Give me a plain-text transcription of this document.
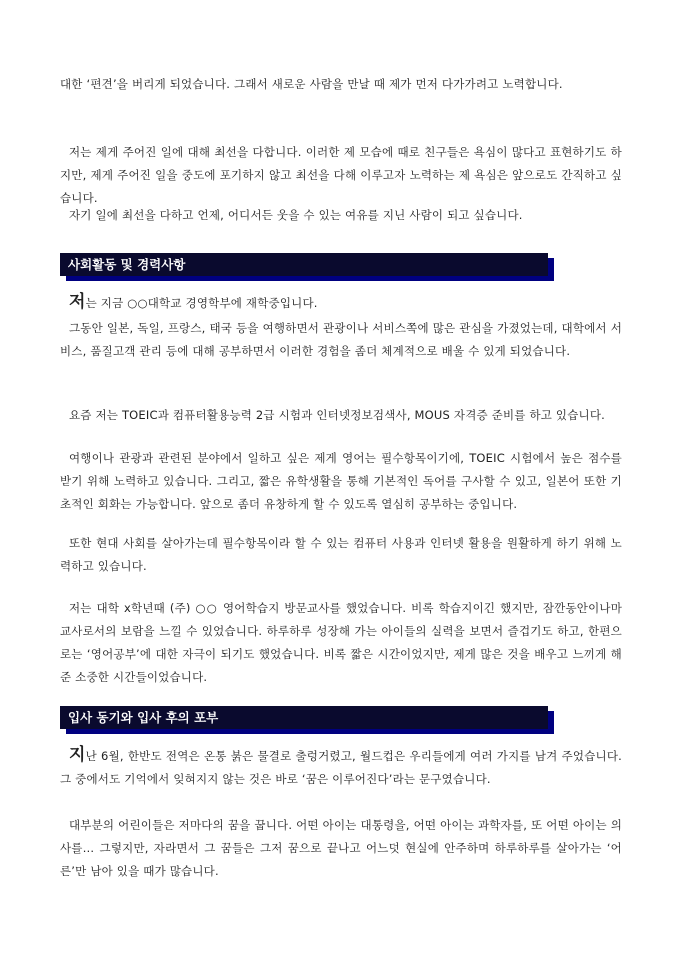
대한 ‘편견’을 버리게 되었습니다. 그래서 새로운 사람을 만날 때 제가 먼저 다가가려고 노력합니다.

저는 제게 주어진 일에 대해 최선을 다합니다. 이러한 제 모습에 때로 친구들은 욕심이 많다고 표현하기도 하지만, 제게 주어진 일을 중도에 포기하지 않고 최선을 다해 이루고자 노력하는 제 욕심은 앞으로도 간직하고 싶습니다.

자기 일에 최선을 다하고 언제, 어디서든 웃을 수 있는 여유를 지닌 사람이 되고 싶습니다.

사회활동 및 경력사항

저는 지금 ○○대학교 경영학부에 재학중입니다.

그동안 일본, 독일, 프랑스, 태국 등을 여행하면서 관광이나 서비스쪽에 많은 관심을 가졌었는데, 대학에서 서비스, 품질고객 관리 등에 대해 공부하면서 이러한 경험을 좀더 체계적으로 배울 수 있게 되었습니다.

요즘 저는 TOEIC과 컴퓨터활용능력 2급 시험과 인터넷정보검색사, MOUS 자격증 준비를 하고 있습니다.

여행이나 관광과 관련된 분야에서 일하고 싶은 제게 영어는 필수항목이기에, TOEIC 시험에서 높은 점수를 받기 위해 노력하고 있습니다. 그리고, 짧은 유학생활을 통해 기본적인 독어를 구사할 수 있고, 일본어 또한 기초적인 회화는 가능합니다. 앞으로 좀더 유창하게 할 수 있도록 열심히 공부하는 중입니다.

또한 현대 사회를 살아가는데 필수항목이라 할 수 있는 컴퓨터 사용과 인터넷 활용을 원활하게 하기 위해 노력하고 있습니다.

저는 대학 x학년때 (주) ○○ 영어학습지 방문교사를 했었습니다. 비록 학습지이긴 했지만, 잠깐동안이나마 교사로서의 보람을 느낄 수 있었습니다. 하루하루 성장해 가는 아이들의 실력을 보면서 즐겁기도 하고, 한편으로는 ‘영어공부’에 대한 자극이 되기도 했었습니다. 비록 짧은 시간이었지만, 제게 많은 것을 배우고 느끼게 해준 소중한 시간들이었습니다.

입사 동기와 입사 후의 포부

지난 6월, 한반도 전역은 온통 붉은 물결로 출렁거렸고, 월드컵은 우리들에게 여러 가지를 남겨 주었습니다. 그 중에서도 기억에서 잊혀지지 않는 것은 바로 ‘꿈은 이루어진다’라는 문구였습니다.

대부분의 어린이들은 저마다의 꿈을 꿉니다. 어떤 아이는 대통령을, 어떤 아이는 과학자를, 또 어떤 아이는 의사를… 그렇지만, 자라면서 그 꿈들은 그저 꿈으로 끝나고 어느덧 현실에 안주하며 하루하루를 살아가는 ‘어른’만 남아 있을 때가 많습니다.
